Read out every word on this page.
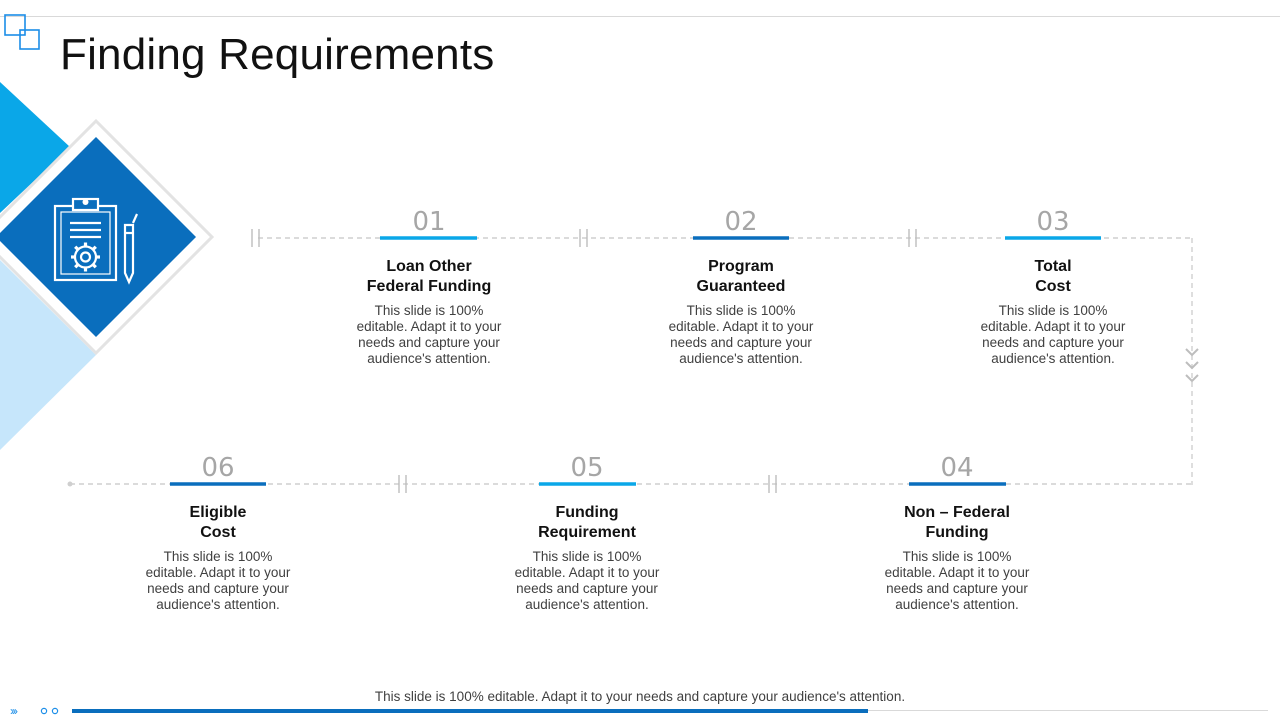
Finding Requirements
01
Loan Other
Federal Funding
This slide is 100% editable. Adapt it to your needs and capture your audience's attention.
02
Program
Guaranteed
This slide is 100% editable. Adapt it to your needs and capture your audience's attention.
03
Total
Cost
This slide is 100% editable. Adapt it to your needs and capture your audience's attention.
04
Non – Federal
Funding
This slide is 100% editable. Adapt it to your needs and capture your audience's attention.
05
Funding
Requirement
This slide is 100% editable. Adapt it to your needs and capture your audience's attention.
06
Eligible
Cost
This slide is 100% editable. Adapt it to your needs and capture your audience's attention.
This slide is 100% editable. Adapt it to your needs and capture your audience's attention.
›››
